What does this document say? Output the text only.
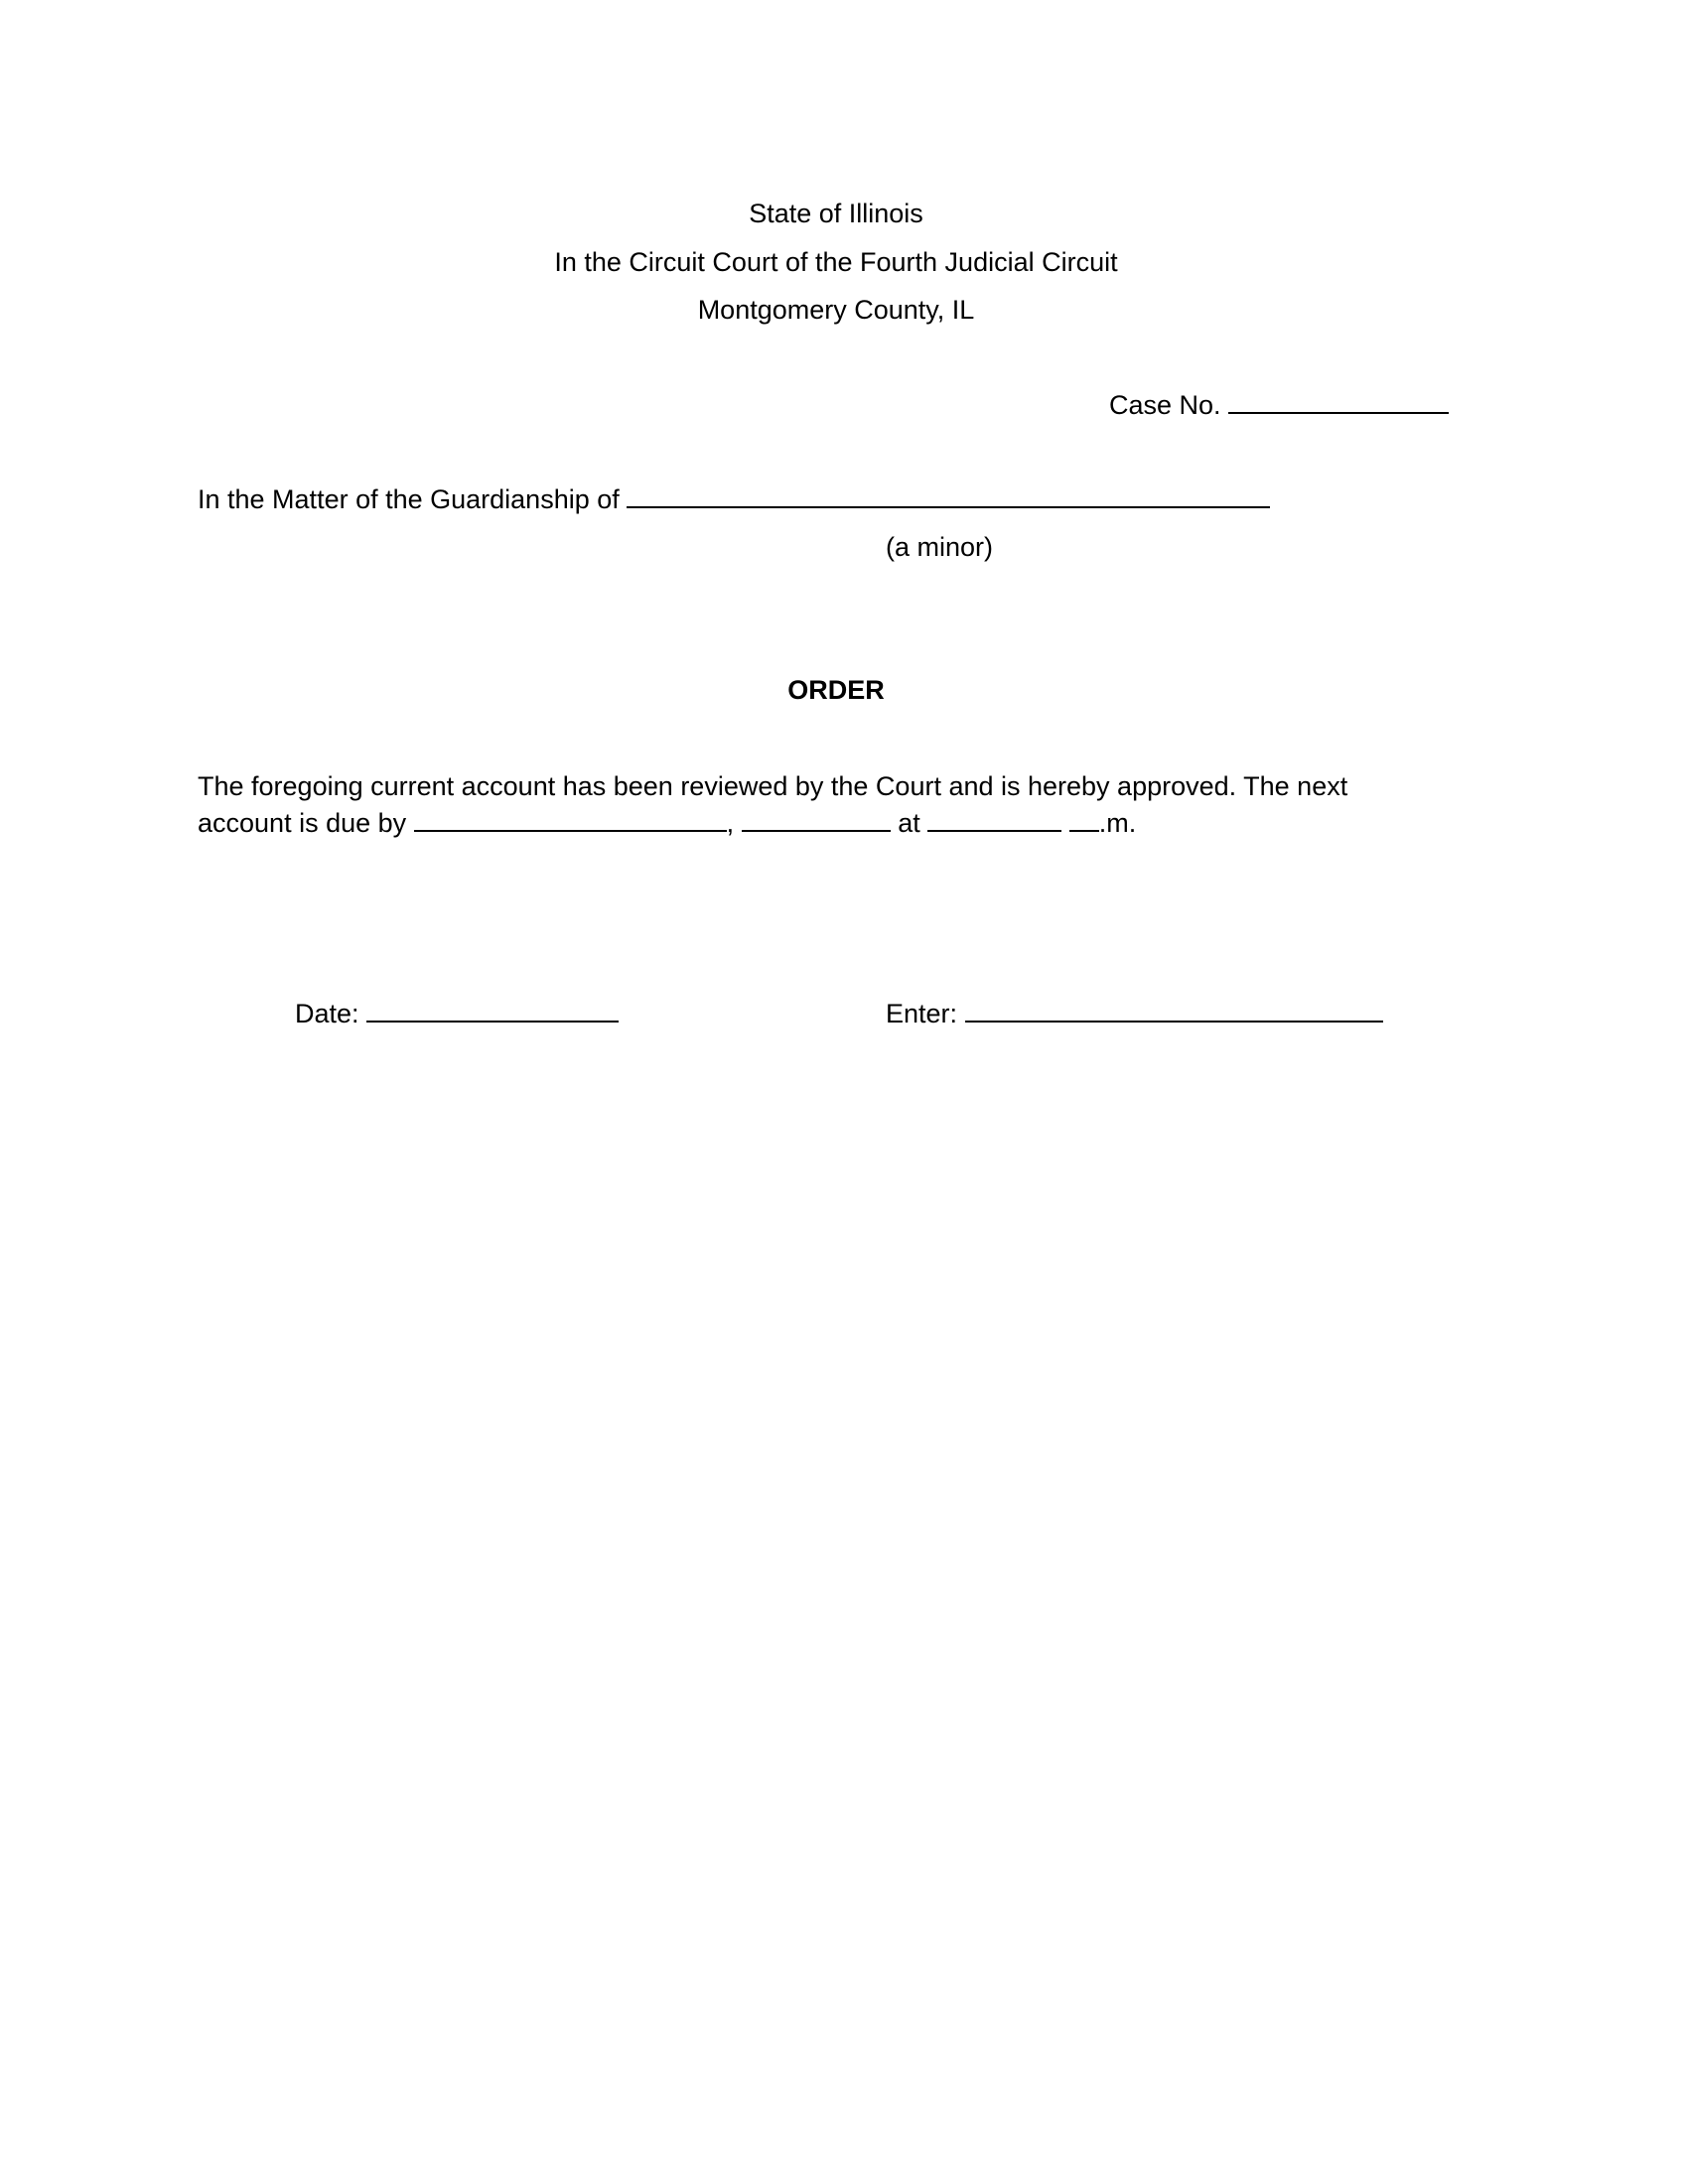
State of Illinois
In the Circuit Court of the Fourth Judicial Circuit
Montgomery County, IL
Case No.
In the Matter of the Guardianship of
(a minor)
ORDER
The foregoing current account has been reviewed by the Court and is hereby approved. The next
account is due by	,	at	.m.
Date:	Enter:
